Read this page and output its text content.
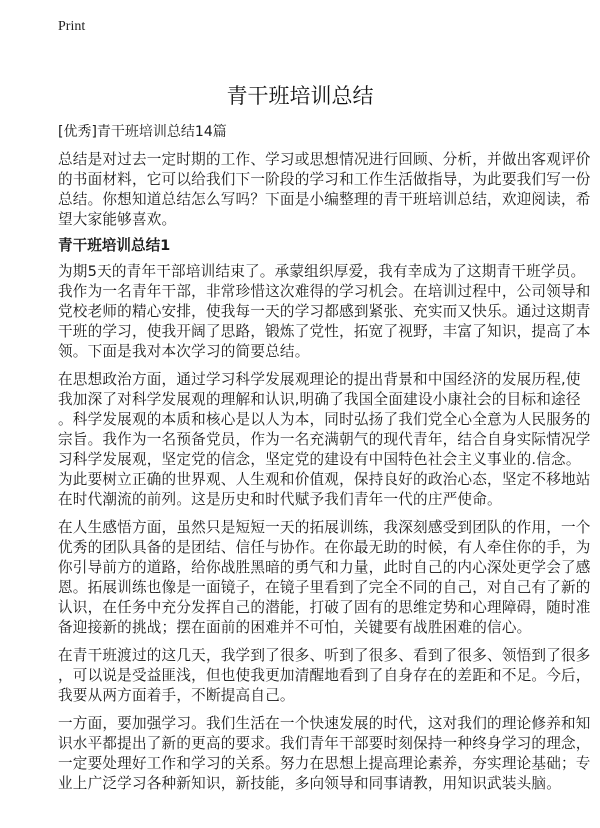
Print
青干班培训总结
[优秀]青干班培训总结14篇
总结是对过去一定时期的工作、学习或思想情况进行回顾、分析，并做出客观评价
的书面材料，它可以给我们下一阶段的学习和工作生活做指导，为此要我们写一份
总结。你想知道总结怎么写吗？下面是小编整理的青干班培训总结，欢迎阅读，希
望大家能够喜欢。
青干班培训总结1
为期5天的青年干部培训结束了。承蒙组织厚爱，我有幸成为了这期青干班学员。
我作为一名青年干部，非常珍惜这次难得的学习机会。在培训过程中，公司领导和
党校老师的精心安排，使我每一天的学习都感到紧张、充实而又快乐。通过这期青
干班的学习，使我开阔了思路，锻炼了党性，拓宽了视野，丰富了知识，提高了本
领。下面是我对本次学习的简要总结。
在思想政治方面，通过学习科学发展观理论的提出背景和中国经济的发展历程,使
我加深了对科学发展观的理解和认识,明确了我国全面建设小康社会的目标和途径
。科学发展观的本质和核心是以人为本，同时弘扬了我们党全心全意为人民服务的
宗旨。我作为一名预备党员，作为一名充满朝气的现代青年，结合自身实际情况学
习科学发展观，坚定党的信念，坚定党的建设有中国特色社会主义事业的.信念。
为此要树立正确的世界观、人生观和价值观，保持良好的政治心态，坚定不移地站
在时代潮流的前列。这是历史和时代赋予我们青年一代的庄严使命。
在人生感悟方面，虽然只是短短一天的拓展训练，我深刻感受到团队的作用，一个
优秀的团队具备的是团结、信任与协作。在你最无助的时候，有人牵住你的手，为
你引导前方的道路，给你战胜黑暗的勇气和力量，此时自己的内心深处更学会了感
恩。拓展训练也像是一面镜子，在镜子里看到了完全不同的自己，对自己有了新的
认识，在任务中充分发挥自己的潜能，打破了固有的思维定势和心理障碍，随时准
备迎接新的挑战；摆在面前的困难并不可怕，关键要有战胜困难的信心。
在青干班渡过的这几天，我学到了很多、听到了很多、看到了很多、领悟到了很多
，可以说是受益匪浅，但也使我更加清醒地看到了自身存在的差距和不足。今后，
我要从两方面着手，不断提高自己。
一方面，要加强学习。我们生活在一个快速发展的时代，这对我们的理论修养和知
识水平都提出了新的更高的要求。我们青年干部要时刻保持一种终身学习的理念，
一定要处理好工作和学习的关系。努力在思想上提高理论素养，夯实理论基础；专
业上广泛学习各种新知识，新技能，多向领导和同事请教，用知识武装头脑。
